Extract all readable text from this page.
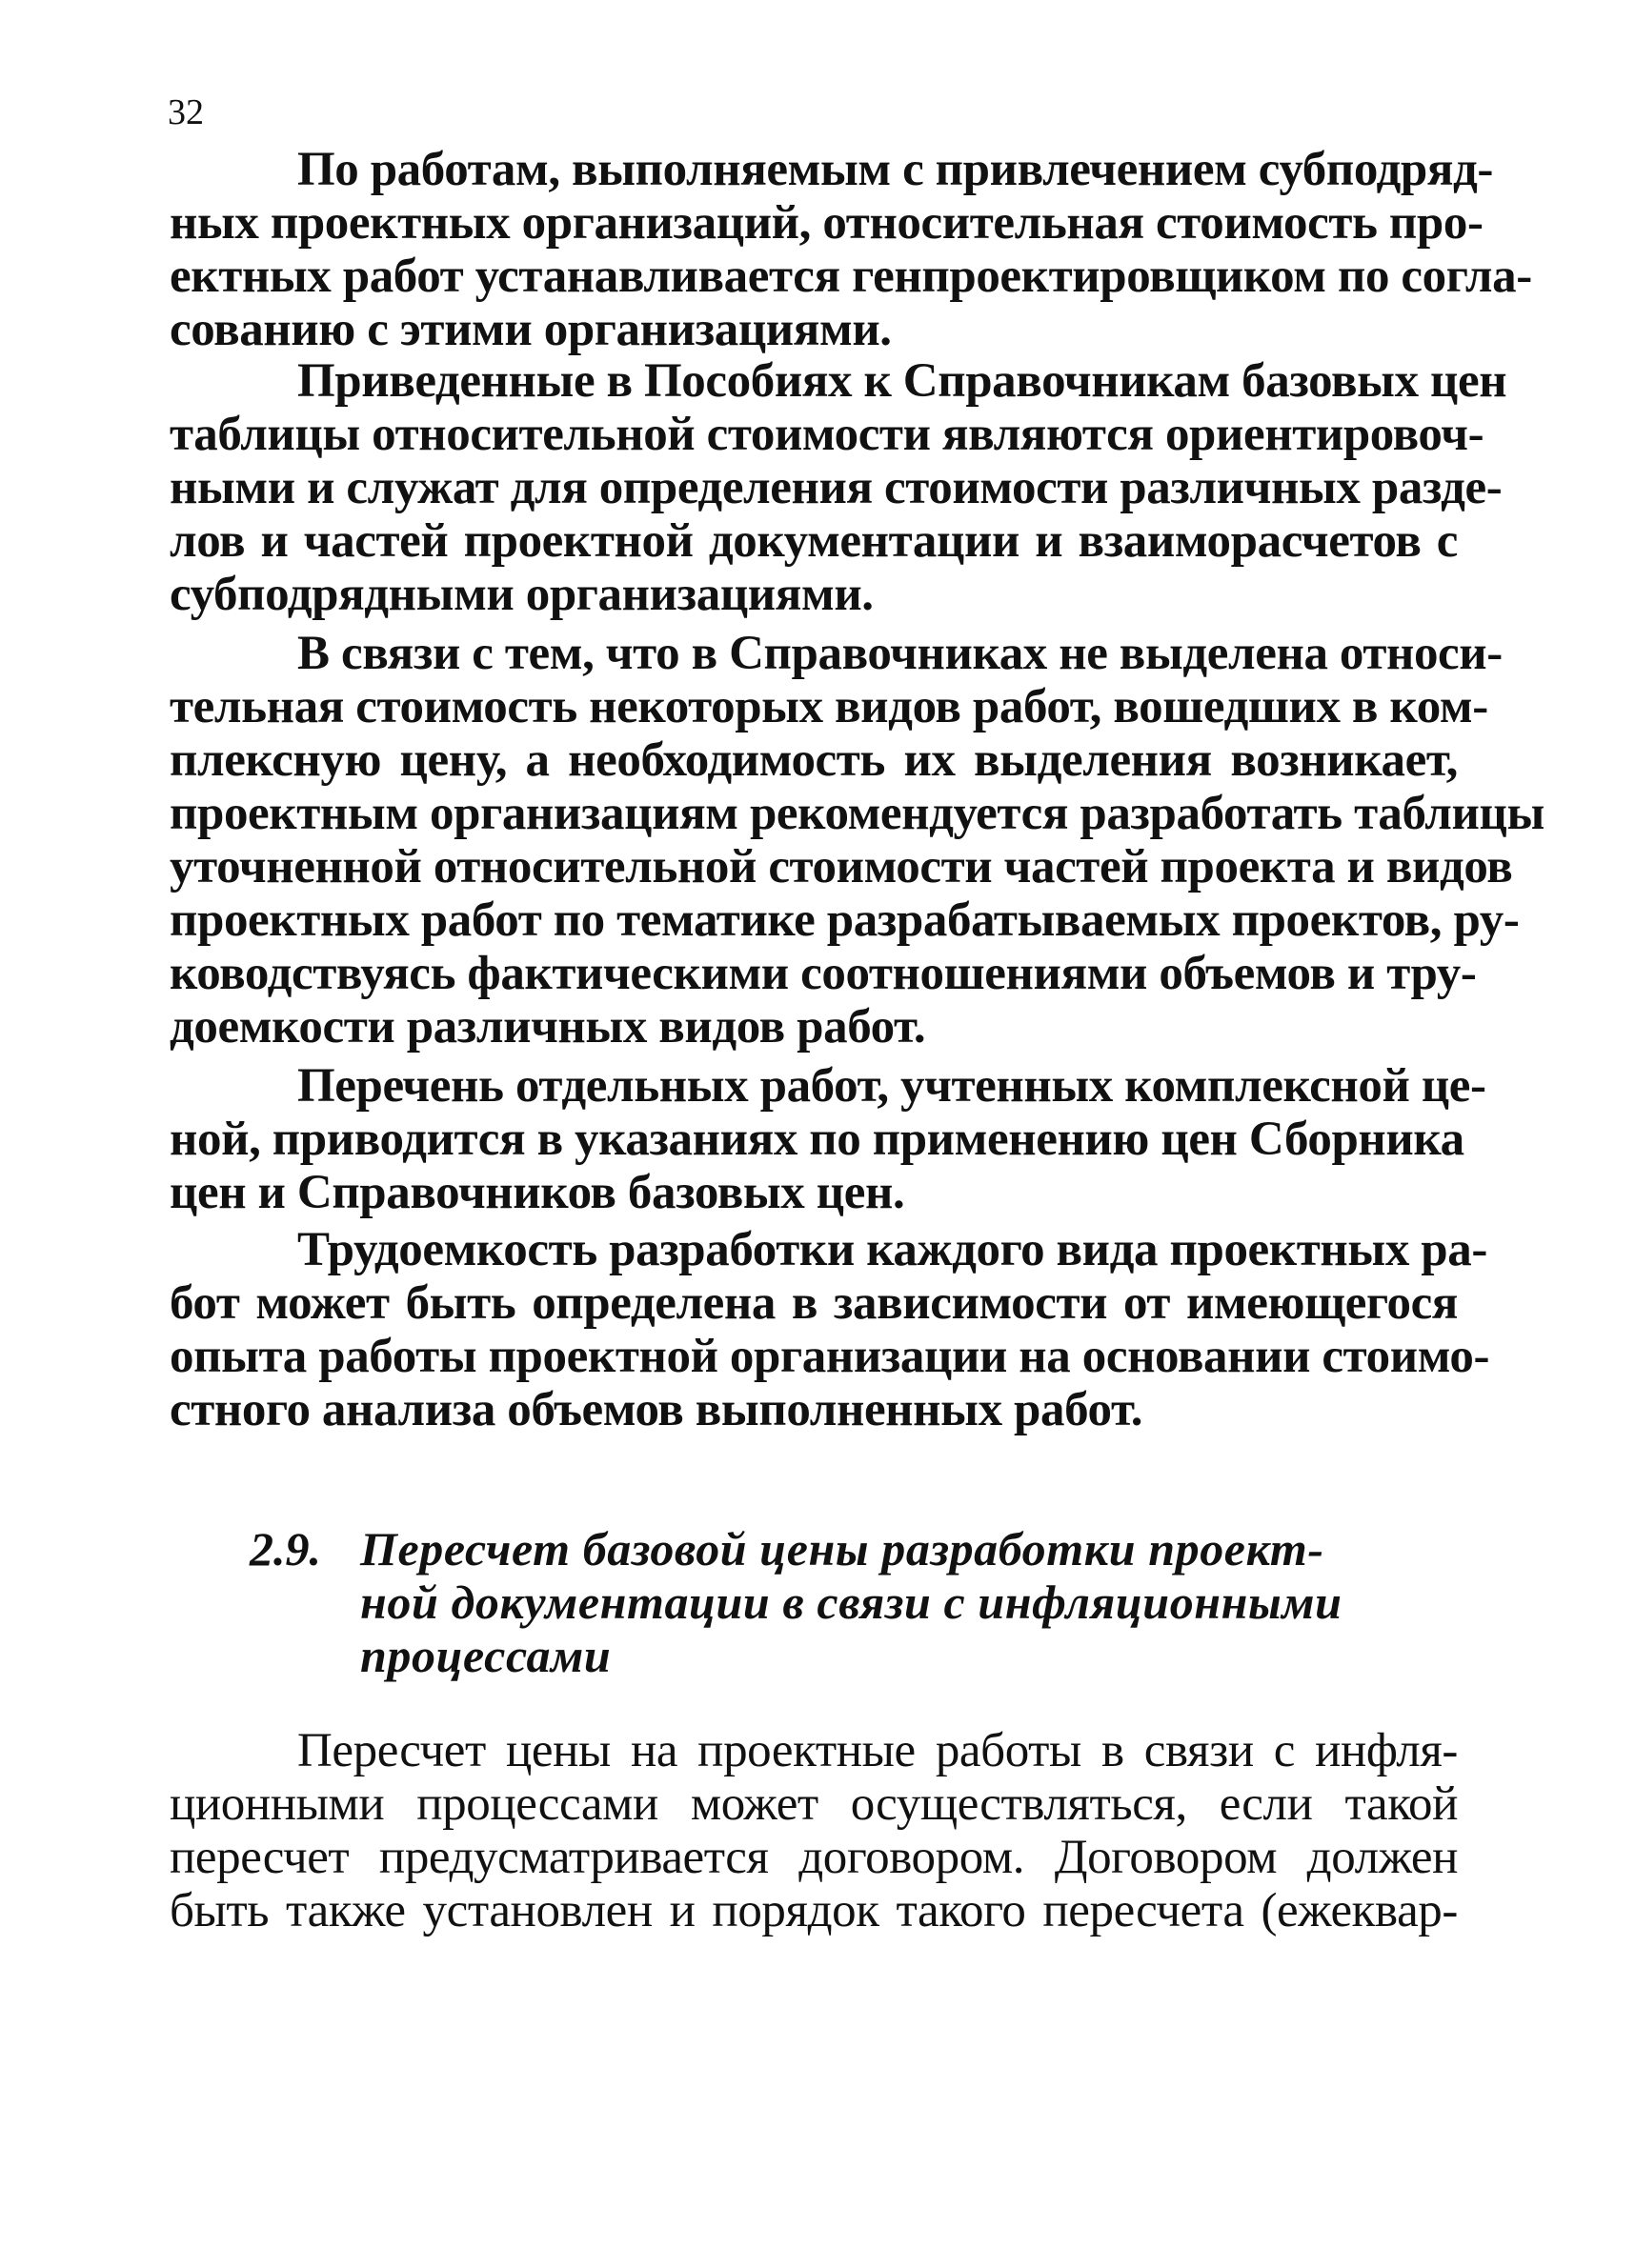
32

По работам, выполняемым с привлечением субподряд-
ных проектных организаций, относительная стоимость про-
ектных работ устанавливается генпроектировщиком по согла-
сованию с этими организациями.

Приведенные в Пособиях к Справочникам базовых цен
таблицы относительной стоимости являются ориентировоч-
ными и служат для определения стоимости различных разде-
лов и частей проектной документации и взаиморасчетов с
субподрядными организациями.

В связи с тем, что в Справочниках не выделена относи-
тельная стоимость некоторых видов работ, вошедших в ком-
плексную цену, а необходимость их выделения возникает,
проектным организациям рекомендуется разработать таблицы
уточненной относительной стоимости частей проекта и видов
проектных работ по тематике разрабатываемых проектов, ру-
ководствуясь фактическими соотношениями объемов и тру-
доемкости различных видов работ.

Перечень отдельных работ, учтенных комплексной це-
ной, приводится в указаниях по применению цен Сборника
цен и Справочников базовых цен.

Трудоемкость разработки каждого вида проектных ра-
бот может быть определена в зависимости от имеющегося
опыта работы проектной организации на основании стоимо-
стного анализа объемов выполненных работ.

2.9. Пересчет базовой цены разработки проект-
ной документации в связи с инфляционными
процессами

Пересчет цены на проектные работы в связи с инфля-
ционными процессами может осуществляться, если такой
пересчет предусматривается договором. Договором должен
быть также установлен и порядок такого пересчета (ежеквар-
